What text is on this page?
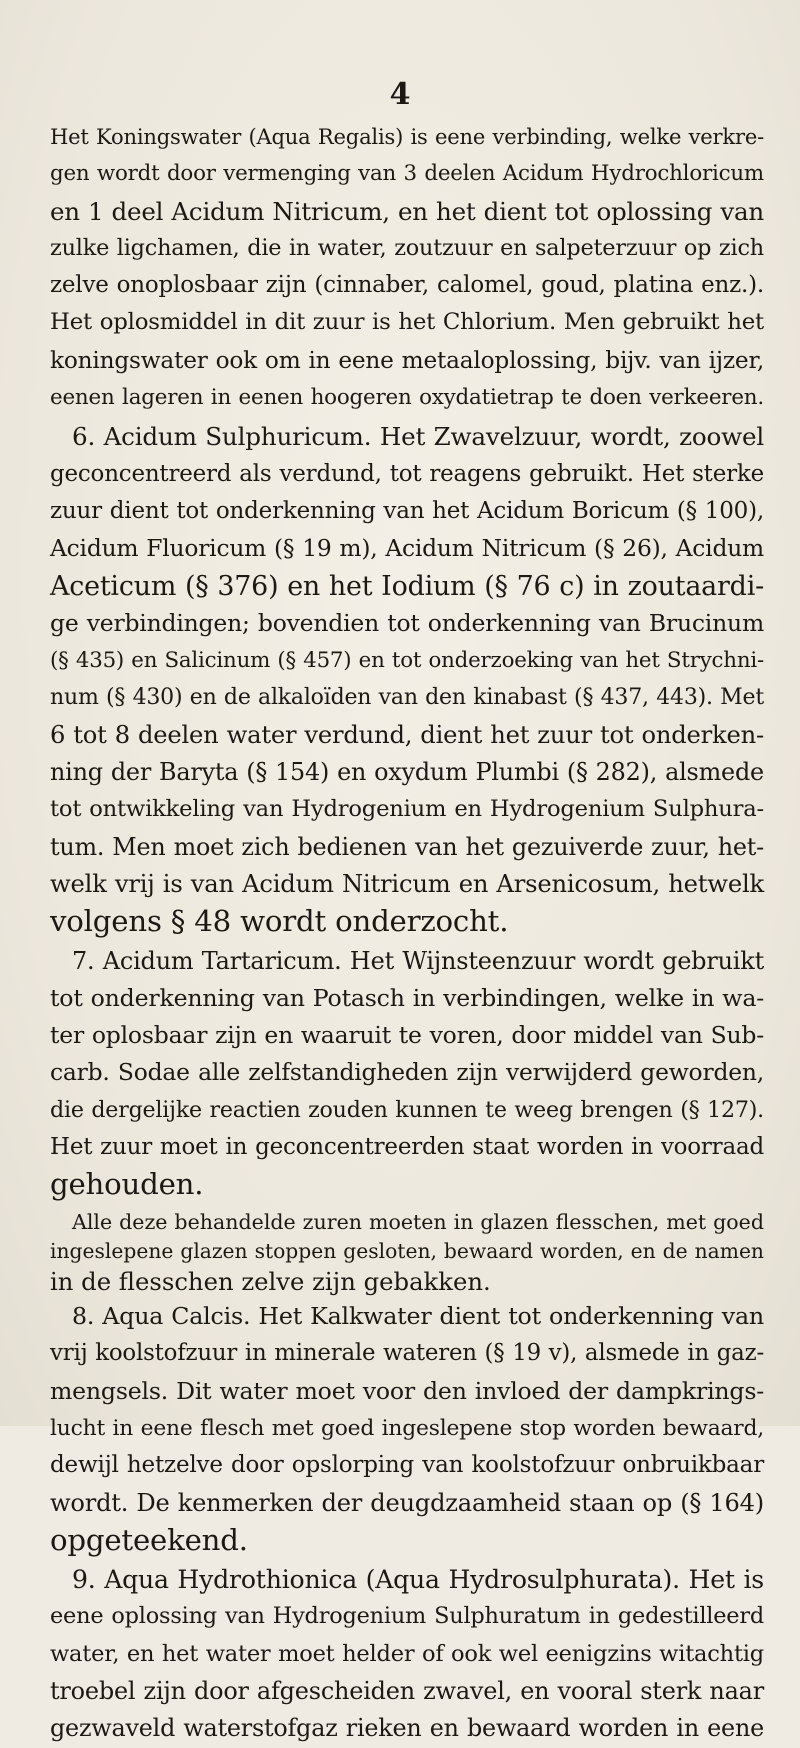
4
Het Koningswater (Aqua Regalis) is eene verbinding, welke verkre-
gen wordt door vermenging van 3 deelen Acidum Hydrochloricum
en 1 deel Acidum Nitricum, en het dient tot oplossing van
zulke ligchamen, die in water, zoutzuur en salpeterzuur op zich
zelve onoplosbaar zijn (cinnaber, calomel, goud, platina enz.).
Het oplosmiddel in dit zuur is het Chlorium. Men gebruikt het
koningswater ook om in eene metaaloplossing, bijv. van ijzer,
eenen lageren in eenen hoogeren oxydatietrap te doen verkeeren.
6. Acidum Sulphuricum. Het Zwavelzuur, wordt, zoowel
geconcentreerd als verdund, tot reagens gebruikt. Het sterke
zuur dient tot onderkenning van het Acidum Boricum (§ 100),
Acidum Fluoricum (§ 19 m), Acidum Nitricum (§ 26), Acidum
Aceticum (§ 376) en het Iodium (§ 76 c) in zoutaardi-
ge verbindingen; bovendien tot onderkenning van Brucinum
(§ 435) en Salicinum (§ 457) en tot onderzoeking van het Strychni-
num (§ 430) en de alkaloïden van den kinabast (§ 437, 443). Met
6 tot 8 deelen water verdund, dient het zuur tot onderken-
ning der Baryta (§ 154) en oxydum Plumbi (§ 282), alsmede
tot ontwikkeling van Hydrogenium en Hydrogenium Sulphura-
tum. Men moet zich bedienen van het gezuiverde zuur, het-
welk vrij is van Acidum Nitricum en Arsenicosum, hetwelk
volgens § 48 wordt onderzocht.
7. Acidum Tartaricum. Het Wijnsteenzuur wordt gebruikt
tot onderkenning van Potasch in verbindingen, welke in wa-
ter oplosbaar zijn en waaruit te voren, door middel van Sub-
carb. Sodae alle zelfstandigheden zijn verwijderd geworden,
die dergelijke reactien zouden kunnen te weeg brengen (§ 127).
Het zuur moet in geconcentreerden staat worden in voorraad
gehouden.
Alle deze behandelde zuren moeten in glazen flesschen, met goed
ingeslepene glazen stoppen gesloten, bewaard worden, en de namen
in de flesschen zelve zijn gebakken.
8. Aqua Calcis. Het Kalkwater dient tot onderkenning van
vrij koolstofzuur in minerale wateren (§ 19 v), alsmede in gaz-
mengsels. Dit water moet voor den invloed der dampkrings-
lucht in eene flesch met goed ingeslepene stop worden bewaard,
dewijl hetzelve door opslorping van koolstofzuur onbruikbaar
wordt. De kenmerken der deugdzaamheid staan op (§ 164)
opgeteekend.
9. Aqua Hydrothionica (Aqua Hydrosulphurata). Het is
eene oplossing van Hydrogenium Sulphuratum in gedestilleerd
water, en het water moet helder of ook wel eenigzins witachtig
troebel zijn door afgescheiden zwavel, en vooral sterk naar
gezwaveld waterstofgaz rieken en bewaard worden in eene
